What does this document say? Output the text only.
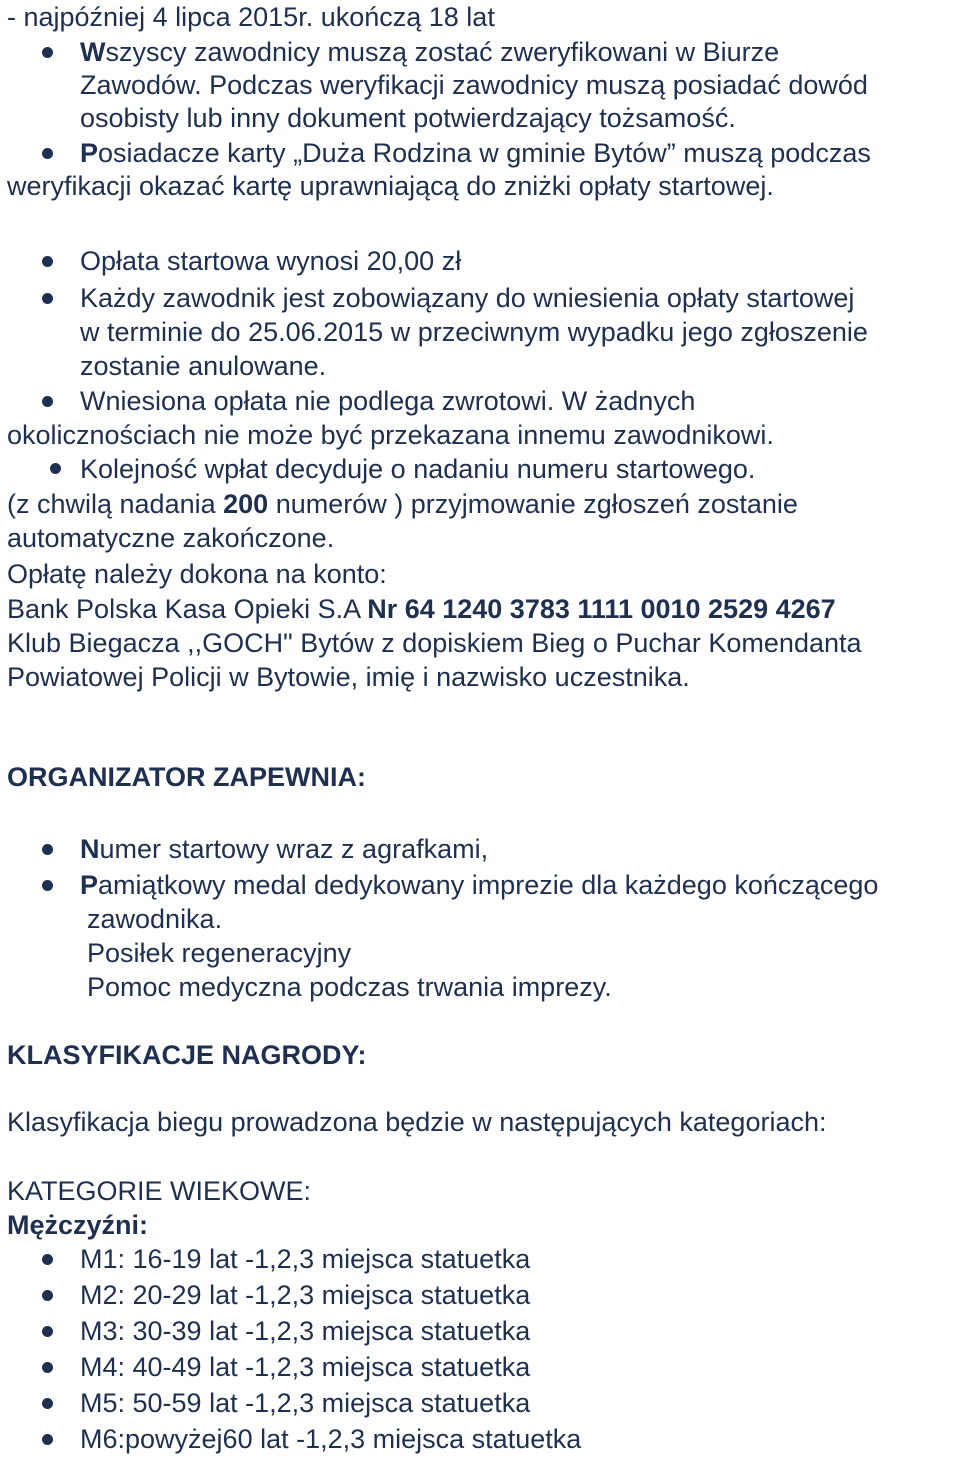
- najpóźniej 4 lipca 2015r. ukończą 18 lat
Wszyscy zawodnicy muszą zostać zweryfikowani w Biurze
Zawodów. Podczas weryfikacji zawodnicy muszą posiadać dowód
osobisty lub inny dokument potwierdzający tożsamość.
Posiadacze karty „Duża Rodzina w gminie Bytów” muszą podczas
weryfikacji okazać kartę uprawniającą do zniżki opłaty startowej.
Opłata startowa wynosi 20,00 zł
Każdy zawodnik jest zobowiązany do wniesienia opłaty startowej
w terminie do 25.06.2015 w przeciwnym wypadku jego zgłoszenie
zostanie anulowane.
Wniesiona opłata nie podlega zwrotowi. W żadnych
okolicznościach nie może być przekazana innemu zawodnikowi.
Kolejność wpłat decyduje o nadaniu numeru startowego.
(z chwilą nadania 200 numerów ) przyjmowanie zgłoszeń zostanie
automatyczne zakończone.
Opłatę należy dokona na konto:
Bank Polska Kasa Opieki S.A Nr 64 1240 3783 1111 0010 2529 4267
Klub Biegacza ,,GOCH" Bytów z dopiskiem Bieg o Puchar Komendanta
Powiatowej Policji w Bytowie, imię i nazwisko uczestnika.
ORGANIZATOR ZAPEWNIA:
Numer startowy wraz z agrafkami,
Pamiątkowy medal dedykowany imprezie dla każdego kończącego
zawodnika.
Posiłek regeneracyjny
Pomoc medyczna podczas trwania imprezy.
KLASYFIKACJE NAGRODY:
Klasyfikacja biegu prowadzona będzie w następujących kategoriach:
KATEGORIE WIEKOWE:
Mężczyźni:
M1: 16-19 lat -1,2,3 miejsca statuetka
M2: 20-29 lat -1,2,3 miejsca statuetka
M3: 30-39 lat -1,2,3 miejsca statuetka
M4: 40-49 lat -1,2,3 miejsca statuetka
M5: 50-59 lat -1,2,3 miejsca statuetka
M6:powyżej60 lat -1,2,3 miejsca statuetka
